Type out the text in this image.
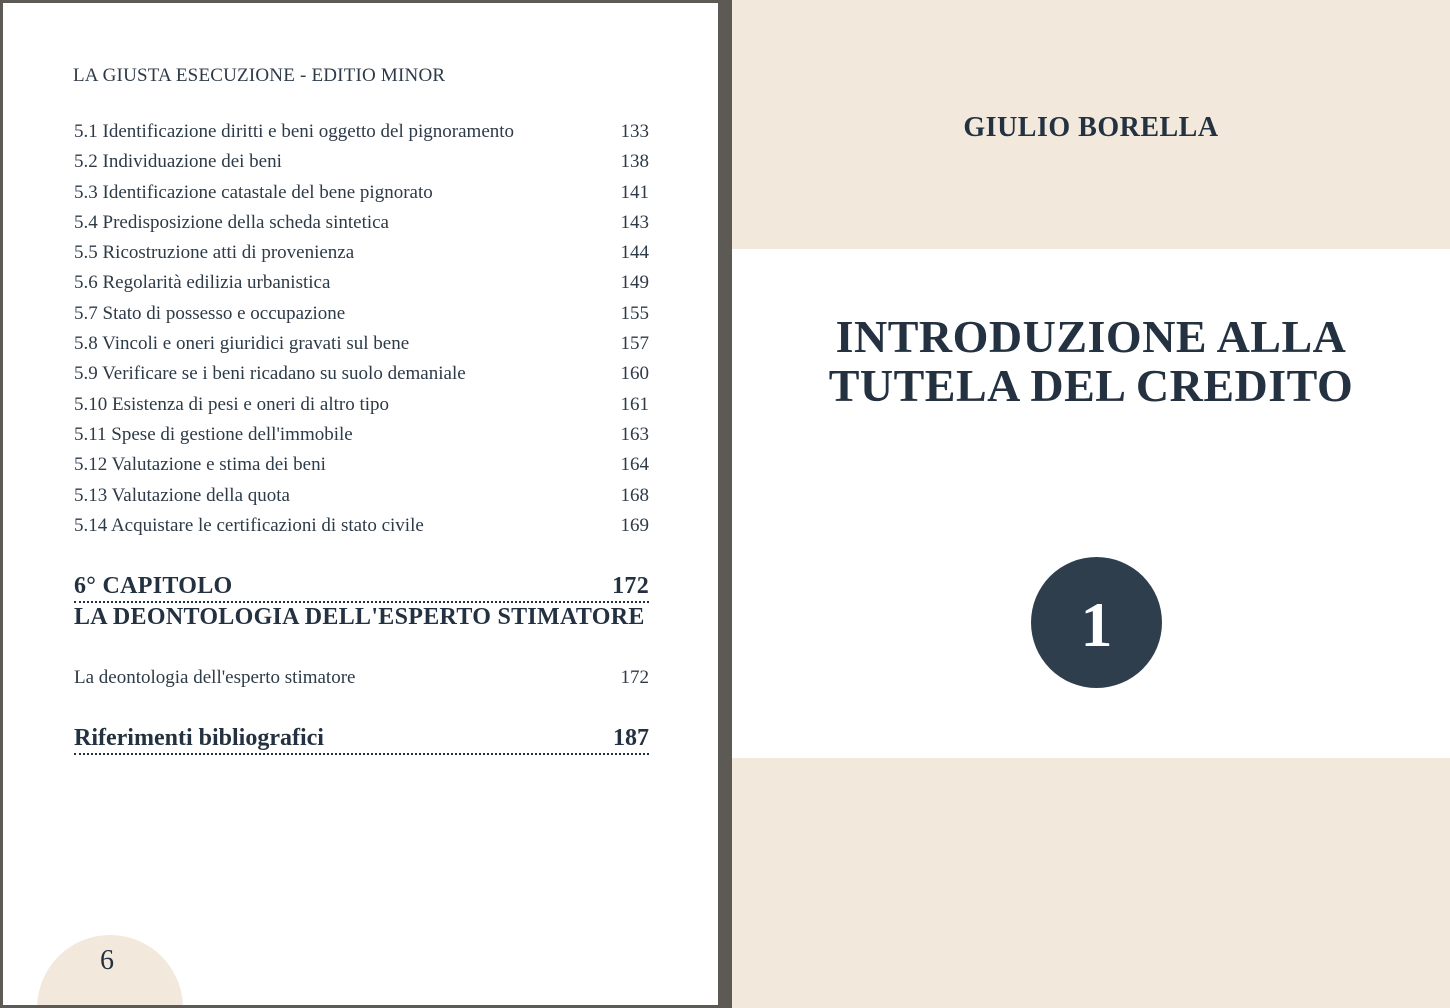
LA GIUSTA ESECUZIONE - EDITIO MINOR
5.1 Identificazione diritti e beni oggetto del pignoramento	133
5.2 Individuazione dei beni	138
5.3 Identificazione catastale del bene pignorato	141
5.4 Predisposizione della scheda sintetica	143
5.5 Ricostruzione atti di provenienza	144
5.6 Regolarità edilizia urbanistica	149
5.7 Stato di possesso e occupazione	155
5.8 Vincoli e oneri giuridici gravati sul bene	157
5.9 Verificare se i beni ricadano su suolo demaniale	160
5.10 Esistenza di pesi e oneri di altro tipo	161
5.11 Spese di gestione dell'immobile	163
5.12 Valutazione e stima dei beni	164
5.13 Valutazione della quota	168
5.14 Acquistare le certificazioni di stato civile	169
6° CAPITOLO	172
LA DEONTOLOGIA DELL'ESPERTO STIMATORE
La deontologia dell'esperto stimatore	172
Riferimenti bibliografici	187
6
GIULIO BORELLA
INTRODUZIONE ALLA
TUTELA DEL CREDITO
1
